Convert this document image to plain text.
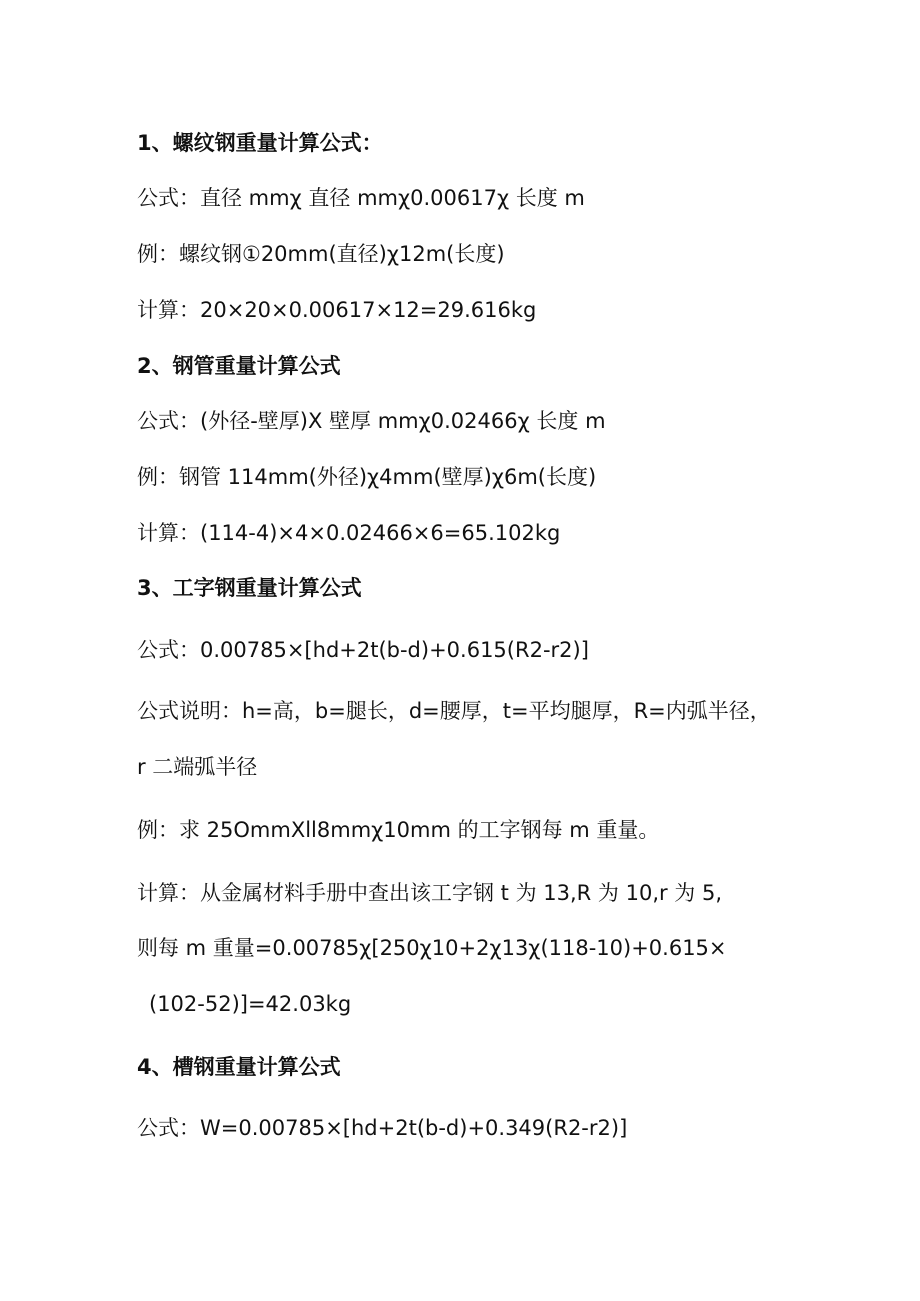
1、螺纹钢重量计算公式：

公式：直径 mmχ 直径 mmχ0.00617χ 长度 m

例：螺纹钢①20mm(直径)χ12m(长度)

计算：20×20×0.00617×12=29.616kg

2、钢管重量计算公式

公式：(外径-壁厚)X 壁厚 mmχ0.02466χ 长度 m

例：钢管 114mm(外径)χ4mm(壁厚)χ6m(长度)

计算：(114-4)×4×0.02466×6=65.102kg

3、工字钢重量计算公式

公式：0.00785×[hd+2t(b-d)+0.615(R2-r2)]

公式说明：h=高，b=腿长，d=腰厚，t=平均腿厚，R=内弧半径，

r 二端弧半径

例：求 25OmmXll8mmχ10mm 的工字钢每 m 重量。

计算：从金属材料手册中查出该工字钢 t 为 13,R 为 10,r 为 5,

则每 m 重量=0.00785χ[250χ10+2χ13χ(118-10)+0.615×

(102-52)]=42.03kg

4、槽钢重量计算公式

公式：W=0.00785×[hd+2t(b-d)+0.349(R2-r2)]
